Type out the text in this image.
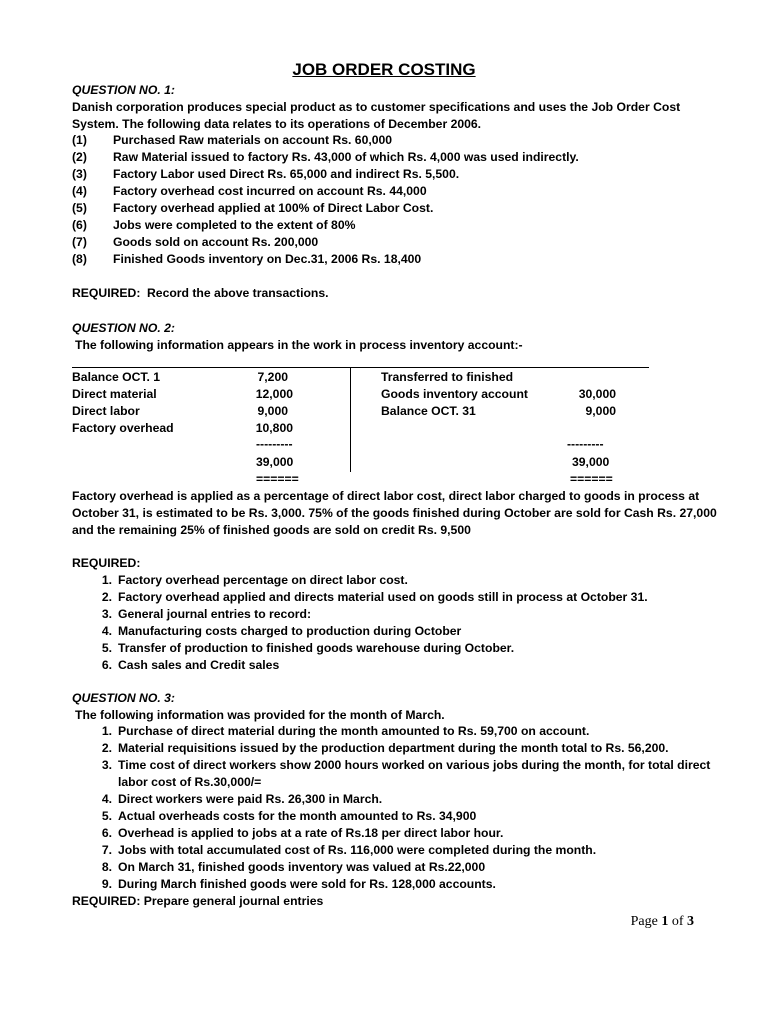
JOB ORDER COSTING
QUESTION NO. 1:
Danish corporation produces special product as to customer specifications and uses the Job Order Cost
System. The following data relates to its operations of December 2006.
(1) Purchased Raw materials on account Rs. 60,000
(2) Raw Material issued to factory Rs. 43,000 of which Rs. 4,000 was used indirectly.
(3) Factory Labor used Direct Rs. 65,000 and indirect Rs. 5,500.
(4) Factory overhead cost incurred on account Rs. 44,000
(5) Factory overhead applied at 100% of Direct Labor Cost.
(6) Jobs were completed to the extent of 80%
(7) Goods sold on account Rs. 200,000
(8) Finished Goods inventory on Dec.31, 2006 Rs. 18,400
REQUIRED: Record the above transactions.
QUESTION NO. 2:
The following information appears in the work in process inventory account:-
Balance OCT. 1	7,200
Direct material	12,000
Direct labor	9,000
Factory overhead	10,800
Transferred to finished
Goods inventory account	30,000
Balance OCT. 31	9,000
---------	---------
39,000	39,000
======	======
Factory overhead is applied as a percentage of direct labor cost, direct labor charged to goods in process at
October 31, is estimated to be Rs. 3,000. 75% of the goods finished during October are sold for Cash Rs. 27,000
and the remaining 25% of finished goods are sold on credit Rs. 9,500
REQUIRED:
1. Factory overhead percentage on direct labor cost.
2. Factory overhead applied and directs material used on goods still in process at October 31.
3. General journal entries to record:
4. Manufacturing costs charged to production during October
5. Transfer of production to finished goods warehouse during October.
6. Cash sales and Credit sales
QUESTION NO. 3:
The following information was provided for the month of March.
1. Purchase of direct material during the month amounted to Rs. 59,700 on account.
2. Material requisitions issued by the production department during the month total to Rs. 56,200.
3. Time cost of direct workers show 2000 hours worked on various jobs during the month, for total direct
labor cost of Rs.30,000/=
4. Direct workers were paid Rs. 26,300 in March.
5. Actual overheads costs for the month amounted to Rs. 34,900
6. Overhead is applied to jobs at a rate of Rs.18 per direct labor hour.
7. Jobs with total accumulated cost of Rs. 116,000 were completed during the month.
8. On March 31, finished goods inventory was valued at Rs.22,000
9. During March finished goods were sold for Rs. 128,000 accounts.
REQUIRED: Prepare general journal entries
Page 1 of 3
